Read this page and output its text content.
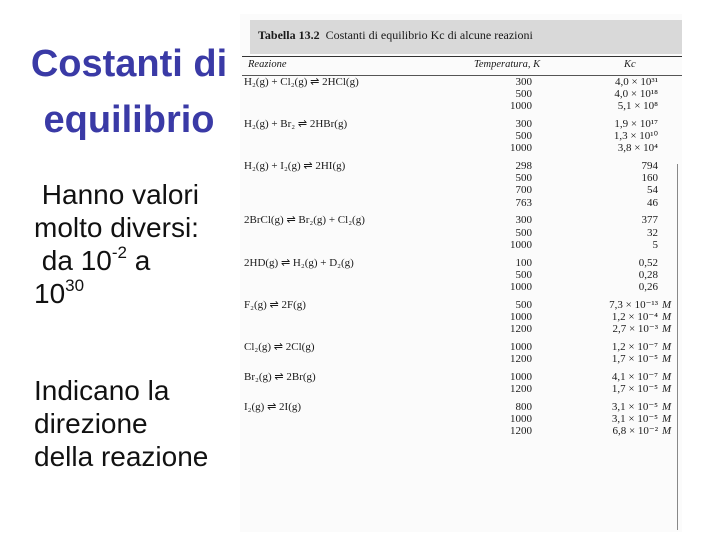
Costanti di
equilibrio
Hanno valori
molto diversi:
da $10^{-2}$ a
$10^{30}$
Indicano la
direzione
della reazione
Tabella 13.2 Costanti di equilibrio Kc di alcune reazioni
Reazione	Temperatura, K	Kc
H₂(g) + Cl₂(g) ⇌ 2HCl(g)	300	4,0 × 10³¹
500	4,0 × 10¹⁸
1000	5,1 × 10⁸
H₂(g) + Br₂ ⇌ 2HBr(g)	300	1,9 × 10¹⁷
500	1,3 × 10¹⁰
1000	3,8 × 10⁴
H₂(g) + I₂(g) ⇌ 2HI(g)	298	794
500	160
700	54
763	46
2BrCl(g) ⇌ Br₂(g) + Cl₂(g)	300	377
500	32
1000	5
2HD(g) ⇌ H₂(g) + D₂(g)	100	0,52
500	0,28
1000	0,26
F₂(g) ⇌ 2F(g)	500	7,3 × 10⁻¹³ M
1000	1,2 × 10⁻⁴ M
1200	2,7 × 10⁻³ M
Cl₂(g) ⇌ 2Cl(g)	1000	1,2 × 10⁻⁷ M
1200	1,7 × 10⁻⁵ M
Br₂(g) ⇌ 2Br(g)	1000	4,1 × 10⁻⁷ M
1200	1,7 × 10⁻⁵ M
I₂(g) ⇌ 2I(g)	800	3,1 × 10⁻⁵ M
1000	3,1 × 10⁻⁵ M
1200	6,8 × 10⁻² M
